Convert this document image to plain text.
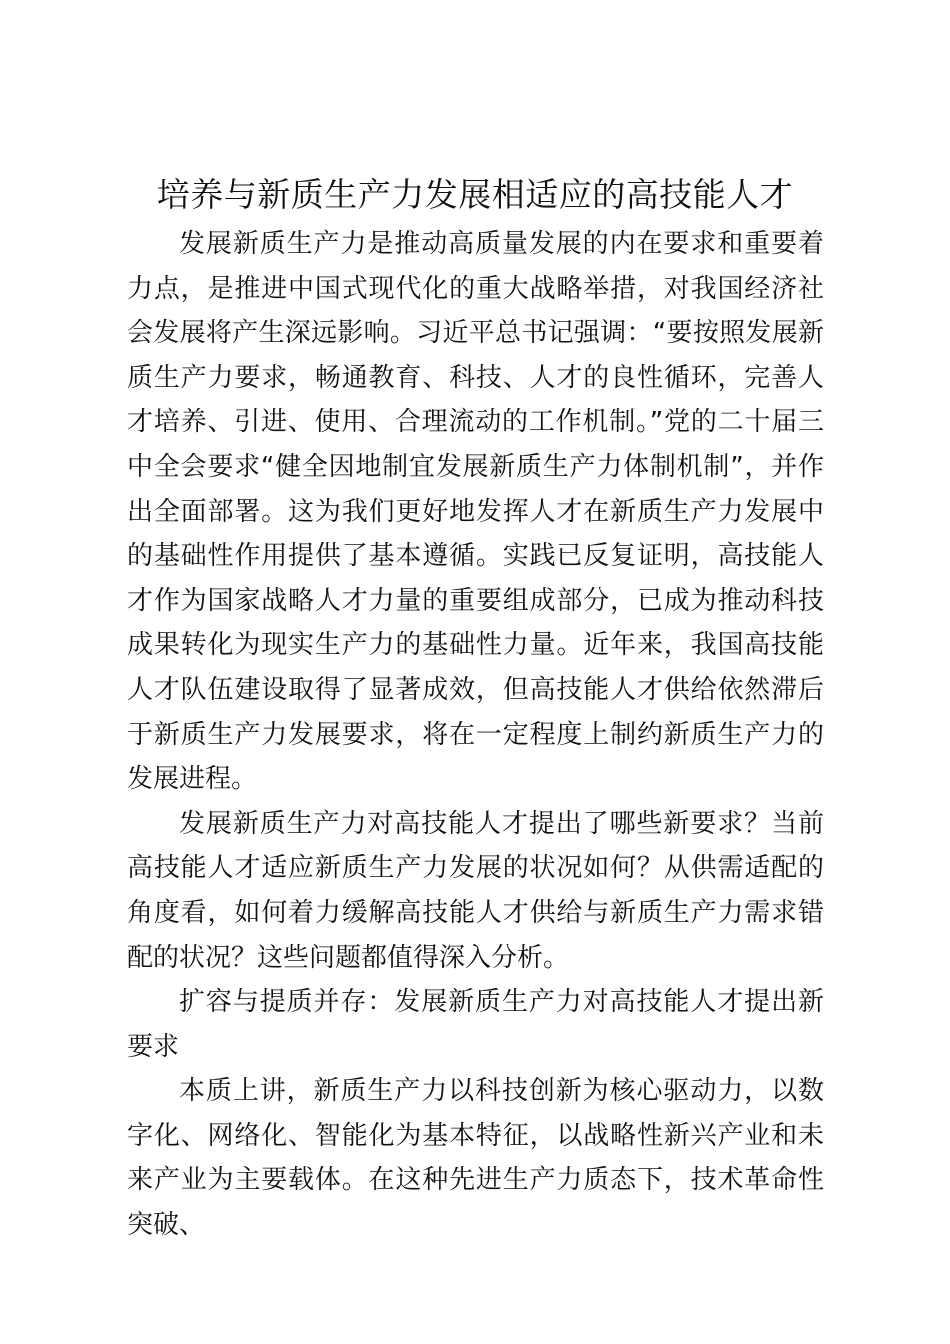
培养与新质生产力发展相适应的高技能人才

发展新质生产力是推动高质量发展的内在要求和重要着力点，是推进中国式现代化的重大战略举措，对我国经济社会发展将产生深远影响。习近平总书记强调：“要按照发展新质生产力要求，畅通教育、科技、人才的良性循环，完善人才培养、引进、使用、合理流动的工作机制。”党的二十届三中全会要求“健全因地制宜发展新质生产力体制机制”，并作出全面部署。这为我们更好地发挥人才在新质生产力发展中的基础性作用提供了基本遵循。实践已反复证明，高技能人才作为国家战略人才力量的重要组成部分，已成为推动科技成果转化为现实生产力的基础性力量。近年来，我国高技能人才队伍建设取得了显著成效，但高技能人才供给依然滞后于新质生产力发展要求，将在一定程度上制约新质生产力的发展进程。

发展新质生产力对高技能人才提出了哪些新要求？当前高技能人才适应新质生产力发展的状况如何？从供需适配的角度看，如何着力缓解高技能人才供给与新质生产力需求错配的状况？这些问题都值得深入分析。

扩容与提质并存：发展新质生产力对高技能人才提出新要求

本质上讲，新质生产力以科技创新为核心驱动力，以数字化、网络化、智能化为基本特征，以战略性新兴产业和未来产业为主要载体。在这种先进生产力质态下，技术革命性突破、
